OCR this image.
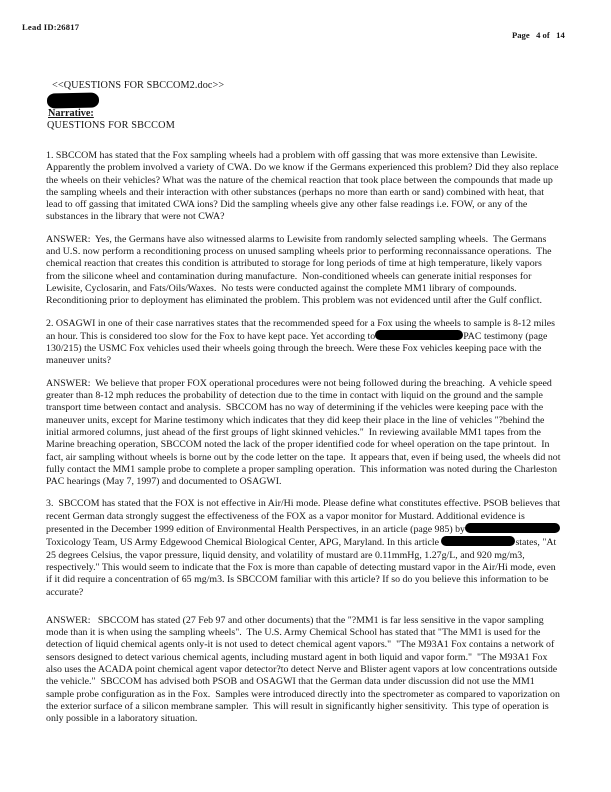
Lead ID:26817
Page   4 of   14
<<QUESTIONS FOR SBCCOM2.doc>>
Narrative:
QUESTIONS FOR SBCCOM

1. SBCCOM has stated that the Fox sampling wheels had a problem with off gassing that was more extensive than Lewisite. Apparently the problem involved a variety of CWA. Do we know if the Germans experienced this problem? Did they also replace the wheels on their vehicles? What was the nature of the chemical reaction that took place between the compounds that made up the sampling wheels and their interaction with other substances (perhaps no more than earth or sand) combined with heat, that lead to off gassing that imitated CWA ions? Did the sampling wheels give any other false readings i.e. FOW, or any of the substances in the library that were not CWA?

ANSWER:  Yes, the Germans have also witnessed alarms to Lewisite from randomly selected sampling wheels.  The Germans and U.S. now perform a reconditioning process on unused sampling wheels prior to performing reconnaissance operations.  The chemical reaction that creates this condition is attributed to storage for long periods of time at high temperature, likely vapors from the silicone wheel and contamination during manufacture.  Non-conditioned wheels can generate initial responses for Lewisite, Cyclosarin, and Fats/Oils/Waxes.  No tests were conducted against the complete MM1 library of compounds.  Reconditioning prior to deployment has eliminated the problem. This problem was not evidenced until after the Gulf conflict.

2. OSAGWI in one of their case narratives states that the recommended speed for a Fox using the wheels to sample is 8-12 miles an hour. This is considered too slow for the Fox to have kept pace. Yet according to	PAC testimony (page 130/215) the USMC Fox vehicles used their wheels going through the breech. Were these Fox vehicles keeping pace with the maneuver units?

ANSWER:  We believe that proper FOX operational procedures were not being followed during the breaching.  A vehicle speed greater than 8-12 mph reduces the probability of detection due to the time in contact with liquid on the ground and the sample transport time between contact and analysis.  SBCCOM has no way of determining if the vehicles were keeping pace with the maneuver units, except for Marine testimony which indicates that they did keep their place in the line of vehicles "?behind the initial armored columns, just ahead of the first groups of light skinned vehicles."  In reviewing available MM1 tapes from the Marine breaching operation, SBCCOM noted the lack of the proper identified code for wheel operation on the tape printout.  In fact, air sampling without wheels is borne out by the code letter on the tape.  It appears that, even if being used, the wheels did not fully contact the MM1 sample probe to complete a proper sampling operation.  This information was noted during the Charleston PAC hearings (May 7, 1997) and documented to OSAGWI.

3.  SBCCOM has stated that the FOX is not effective in Air/Hi mode. Please define what constitutes effective. PSOB believes that recent German data strongly suggest the effectiveness of the FOX as a vapor monitor for Mustard. Additional evidence is presented in the December 1999 edition of Environmental Health Perspectives, in an article (page 985) byToxicology Team, US Army Edgewood Chemical Biological Center, APG, Maryland. In this article	states, "At 25 degrees Celsius, the vapor pressure, liquid density, and volatility of mustard are 0.11mmHg, 1.27g/L, and 920 mg/m3, respectively." This would seem to indicate that the Fox is more than capable of detecting mustard vapor in the Air/Hi mode, even if it did require a concentration of 65 mg/m3. Is SBCCOM familiar with this article? If so do you believe this information to be accurate?

ANSWER:   SBCCOM has stated (27 Feb 97 and other documents) that the "?MM1 is far less sensitive in the vapor sampling mode than it is when using the sampling wheels".  The U.S. Army Chemical School has stated that "The MM1 is used for the detection of liquid chemical agents only-it is not used to detect chemical agent vapors."  "The M93A1 Fox contains a network of sensors designed to detect various chemical agents, including mustard agent in both liquid and vapor form."  "The M93A1 Fox also uses the ACADA point chemical agent vapor detector?to detect Nerve and Blister agent vapors at low concentrations outside the vehicle."  SBCCOM has advised both PSOB and OSAGWI that the German data under discussion did not use the MM1 sample probe configuration as in the Fox.  Samples were introduced directly into the spectrometer as compared to vaporization on the exterior surface of a silicon membrane sampler.  This will result in significantly higher sensitivity.  This type of operation is only possible in a laboratory situation.
